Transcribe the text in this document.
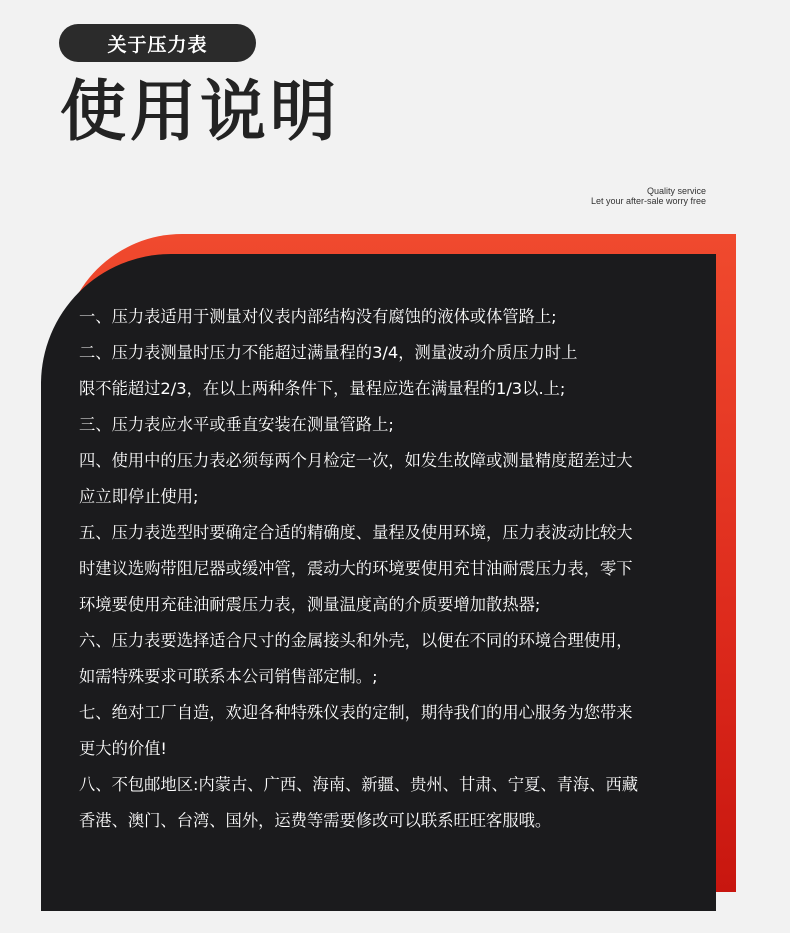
关于压力表
使用说明
Quality service
Let your after-sale worry free

一、压力表适用于测量对仪表内部结构没有腐蚀的液体或体管路上;

二、压力表测量时压力不能超过满量程的3/4，测量波动介质压力时上

限不能超过2/3，在以上两种条件下，量程应选在满量程的1/3以.上;

三、压力表应水平或垂直安装在测量管路上;

四、使用中的压力表必须每两个月检定一次，如发生故障或测量精度超差过大

应立即停止使用;

五、压力表选型时要确定合适的精确度、量程及使用环境，压力表波动比较大

时建议选购带阻尼器或缓冲管，震动大的环境要使用充甘油耐震压力表，零下

环境要使用充硅油耐震压力表，测量温度高的介质要增加散热器;

六、压力表要选择适合尺寸的金属接头和外壳，以便在不同的环境合理使用，

如需特殊要求可联系本公司销售部定制。;

七、绝对工厂自造，欢迎各种特殊仪表的定制，期待我们的用心服务为您带来

更大的价值!

八、不包邮地区:内蒙古、广西、海南、新疆、贵州、甘肃、宁夏、青海、西藏

香港、澳门、台湾、国外，运费等需要修改可以联系旺旺客服哦。
